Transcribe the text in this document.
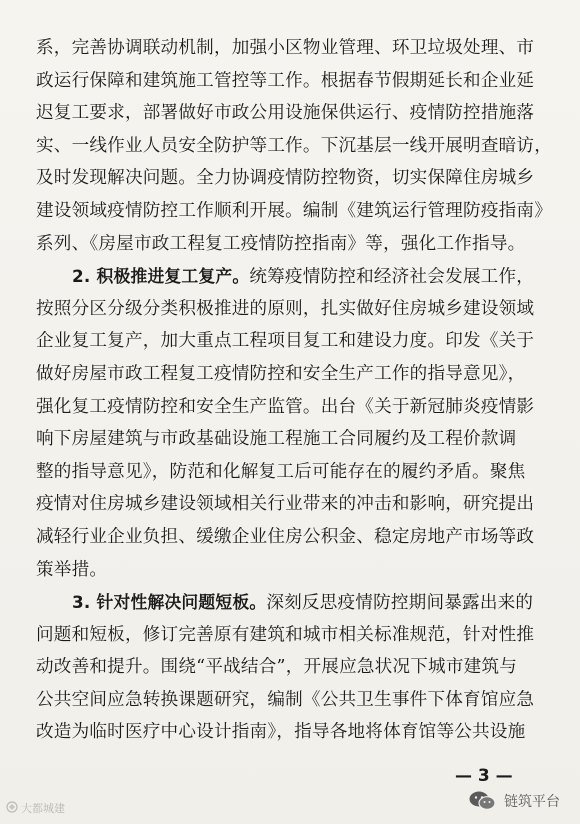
系，完善协调联动机制，加强小区物业管理、环卫垃圾处理、市
政运行保障和建筑施工管控等工作。根据春节假期延长和企业延
迟复工要求，部署做好市政公用设施保供运行、疫情防控措施落
实、一线作业人员安全防护等工作。下沉基层一线开展明查暗访，
及时发现解决问题。全力协调疫情防控物资，切实保障住房城乡
建设领域疫情防控工作顺利开展。编制《建筑运行管理防疫指南》
系列、《房屋市政工程复工疫情防控指南》等，强化工作指导。
2. 积极推进复工复产。统筹疫情防控和经济社会发展工作，
按照分区分级分类积极推进的原则，扎实做好住房城乡建设领域
企业复工复产，加大重点工程项目复工和建设力度。印发《关于
做好房屋市政工程复工疫情防控和安全生产工作的指导意见》，
强化复工疫情防控和安全生产监管。出台《关于新冠肺炎疫情影
响下房屋建筑与市政基础设施工程施工合同履约及工程价款调
整的指导意见》，防范和化解复工后可能存在的履约矛盾。聚焦
疫情对住房城乡建设领域相关行业带来的冲击和影响，研究提出
减轻行业企业负担、缓缴企业住房公积金、稳定房地产市场等政
策举措。
3. 针对性解决问题短板。深刻反思疫情防控期间暴露出来的
问题和短板，修订完善原有建筑和城市相关标准规范，针对性推
动改善和提升。围绕“平战结合”，开展应急状况下城市建筑与
公共空间应急转换课题研究，编制《公共卫生事件下体育馆应急
改造为临时医疗中心设计指南》，指导各地将体育馆等公共设施
— 3 —
大都城建	链筑平台
